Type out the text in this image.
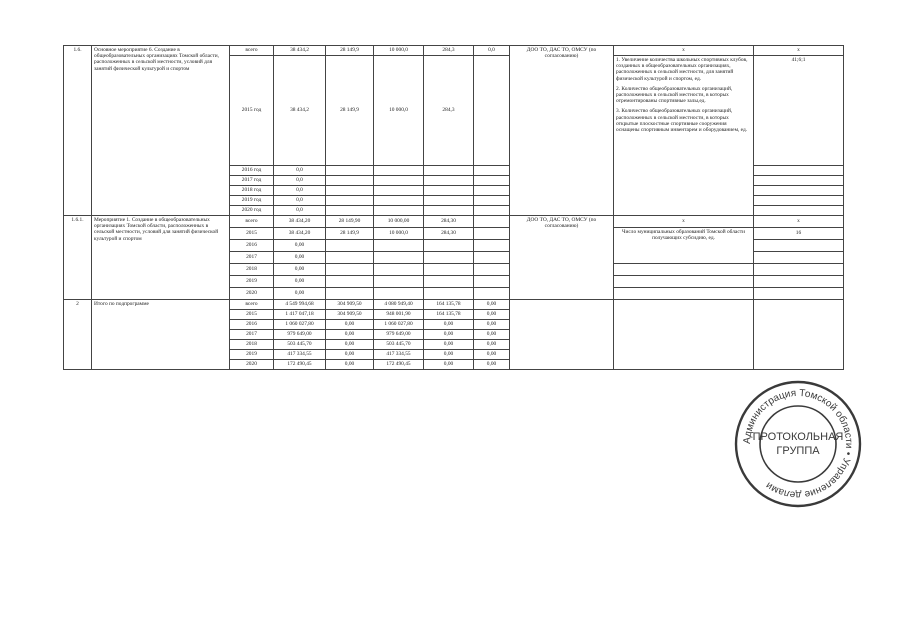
1.6.	Основное мероприятие 6. Создание в общеобразовательных организациях Томской области, расположенных в сельской местности, условий для занятий физической культурой и спортом	всего	38 434,2	28 149,9	10 000,0	284,3	0,0	ДОО ТО, ДАС ТО, ОМСУ (по согласованию)	x	x
		2015 год	38 434,2	28 149,9	10 000,0	284,3			1. Увеличение количества школьных спортивных клубов, созданных в общеобразовательных организациях, расположенных в сельской местности, для занятий физической культурой и спортом, ед.

2. Количество общеобразовательных организаций, расположенных в сельской местности, в которых отремонтированы спортивные залы,ед.

3. Количество общеобразовательных организаций, расположенных в сельской местности, в которых открытые плоскостные спортивные сооружения оснащены спортивным инвентарем и оборудованием, ед.	41;6;1
		2016 год	0,0							
		2017 год	0,0							
		2018 год	0,0							
		2019 год	0,0							
		2020 год	0,0							
1.6.1.	Мероприятие 1. Создание в общеобразовательных организациях Томской области, расположенных в сельской местности, условий для занятий физической культурой и спортом	всего	38 434,20	28 149,90	10 000,00	284,30		ДОО ТО, ДАС ТО, ОМСУ (по согласованию)	x	x
		2015	38 434,20	28 149,9	10 000,0	284,30			Число муниципальных образований Томской области получающих субсидию, ед.	16
		2016	0,00							
		2017	0,00							
		2018	0,00							
		2019	0,00							
		2020	0,00							
2	Итого по подпрограмме	всего	4 549 994,68	304 909,50	4 080 949,40	164 135,78	0,00			
		2015	1 417 047,18	304 909,50	948 001,90	164 135,78	0,00			
		2016	1 060 027,80	0,00	1 060 027,80	0,00	0,00			
		2017	979 649,00	0,00	979 649,00	0,00	0,00			
		2018	503 445,70	0,00	503 445,70	0,00	0,00			
		2019	417 334,55	0,00	417 334,55	0,00	0,00			
		2020	172 490,45	0,00	172 490,45	0,00	0,00			
Администрация Томской области • Управление делами
ПРОТОКОЛЬНАЯ
ГРУППА
